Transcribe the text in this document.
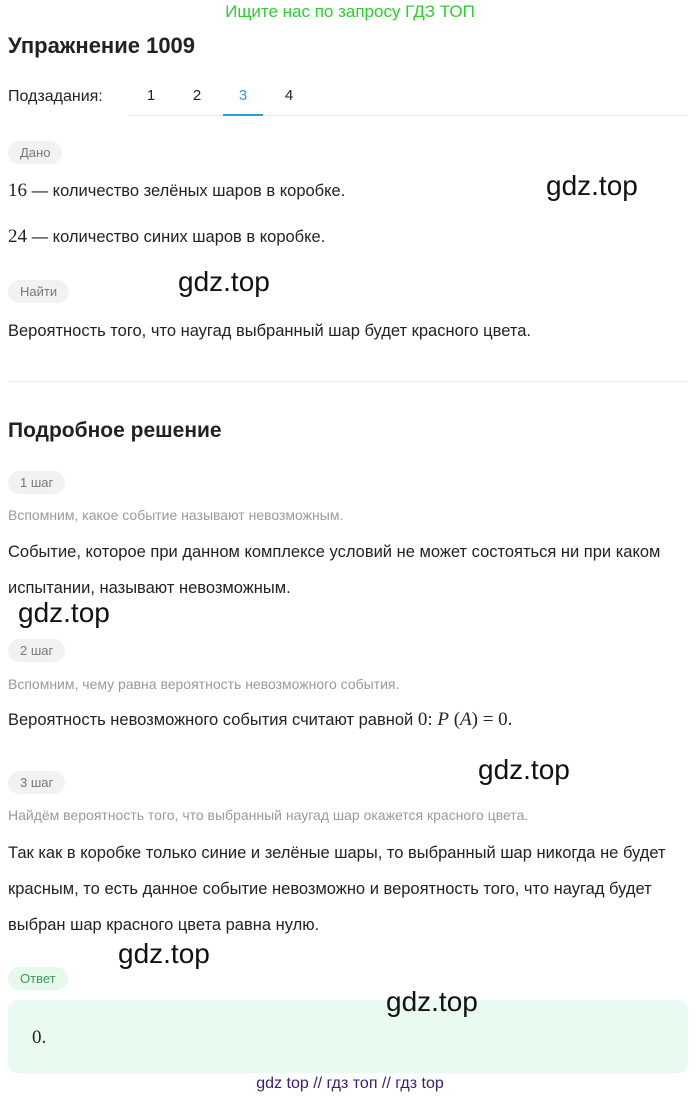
Ищите нас по запросу ГДЗ ТОП
Упражнение 1009
Подзадания:	1	2	3	4
Дано
16 — количество зелёных шаров в коробке.
24 — количество синих шаров в коробке.
Найти
Вероятность того, что наугад выбранный шар будет красного цвета.
Подробное решение
1 шаг
Вспомним, какое событие называют невозможным.
Событие, которое при данном комплексе условий не может состояться ни при каком испытании, называют невозможным.
2 шаг
Вспомним, чему равна вероятность невозможного события.
Вероятность невозможного события считают равной 0: P (A) = 0.
3 шаг
Найдём вероятность того, что выбранный наугад шар окажется красного цвета.
Так как в коробке только синие и зелёные шары, то выбранный шар никогда не будет красным, то есть данное событие невозможно и вероятность того, что наугад будет выбран шар красного цвета равна нулю.
Ответ
0.
gdz.top
gdz.top
gdz.top
gdz.top
gdz.top
gdz.top
gdz top // гдз топ // гдз top
